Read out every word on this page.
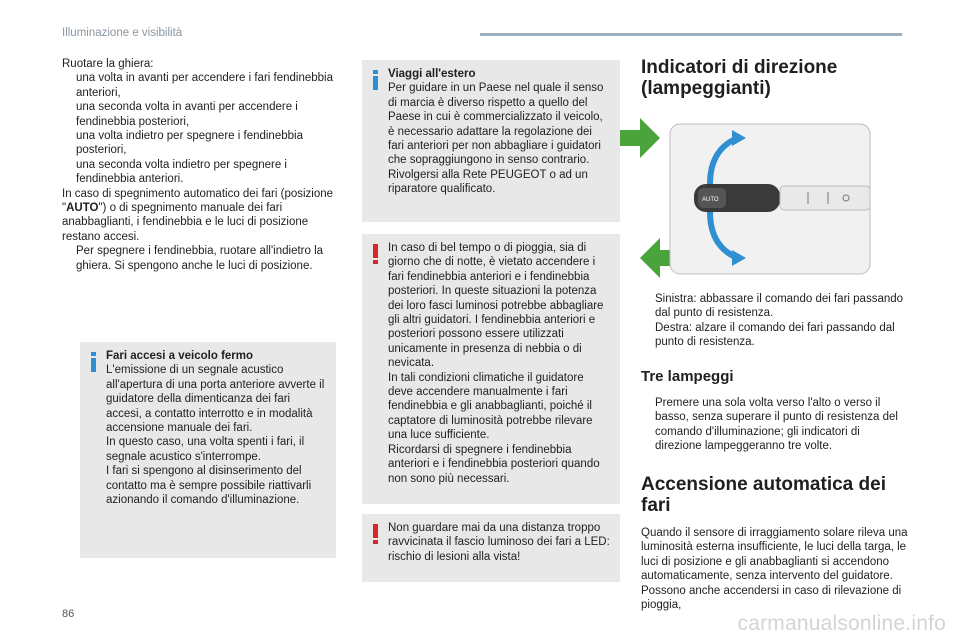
Illuminazione e visibilità
Ruotare la ghiera:
una volta in avanti per accendere i fari fendinebbia anteriori,
una seconda volta in avanti per accendere i fendinebbia posteriori,
una volta indietro per spegnere i fendinebbia posteriori,
una seconda volta indietro per spegnere i fendinebbia anteriori.
In caso di spegnimento automatico dei fari (posizione "AUTO") o di spegnimento manuale dei fari anabbaglianti, i fendinebbia e le luci di posizione restano accesi.
Per spegnere i fendinebbia, ruotare all'indietro la ghiera. Si spengono anche le luci di posizione.
Fari accesi a veicolo fermo
L'emissione di un segnale acustico all'apertura di una porta anteriore avverte il guidatore della dimenticanza dei fari accesi, a contatto interrotto e in modalità accensione manuale dei fari.
In questo caso, una volta spenti i fari, il segnale acustico s'interrompe.
I fari si spengono al disinserimento del contatto ma è sempre possibile riattivarli azionando il comando d'illuminazione.
Viaggi all'estero
Per guidare in un Paese nel quale il senso di marcia è diverso rispetto a quello del Paese in cui è commercializzato il veicolo, è necessario adattare la regolazione dei fari anteriori per non abbagliare i guidatori che sopraggiungono in senso contrario. Rivolgersi alla Rete PEUGEOT o ad un riparatore qualificato.
In caso di bel tempo o di pioggia, sia di giorno che di notte, è vietato accendere i fari fendinebbia anteriori e i fendinebbia posteriori. In queste situazioni la potenza dei loro fasci luminosi potrebbe abbagliare gli altri guidatori. I fendinebbia anteriori e posteriori possono essere utilizzati unicamente in presenza di nebbia o di nevicata.
In tali condizioni climatiche il guidatore deve accendere manualmente i fari fendinebbia e gli anabbaglianti, poiché il captatore di luminosità potrebbe rilevare una luce sufficiente.
Ricordarsi di spegnere i fendinebbia anteriori e i fendinebbia posteriori quando non sono più necessari.
Non guardare mai da una distanza troppo ravvicinata il fascio luminoso dei fari a LED: rischio di lesioni alla vista!
Indicatori di direzione (lampeggianti)
AUTO
Sinistra: abbassare il comando dei fari passando dal punto di resistenza.
Destra: alzare il comando dei fari passando dal punto di resistenza.
Tre lampeggi
Premere una sola volta verso l'alto o verso il basso, senza superare il punto di resistenza del comando d'illuminazione; gli indicatori di direzione lampeggeranno tre volte.
Accensione automatica dei fari
Quando il sensore di irraggiamento solare rileva una luminosità esterna insufficiente, le luci della targa, le luci di posizione e gli anabbaglianti si accendono automaticamente, senza intervento del guidatore. Possono anche accendersi in caso di rilevazione di pioggia,
86	carmanualsonline.info
